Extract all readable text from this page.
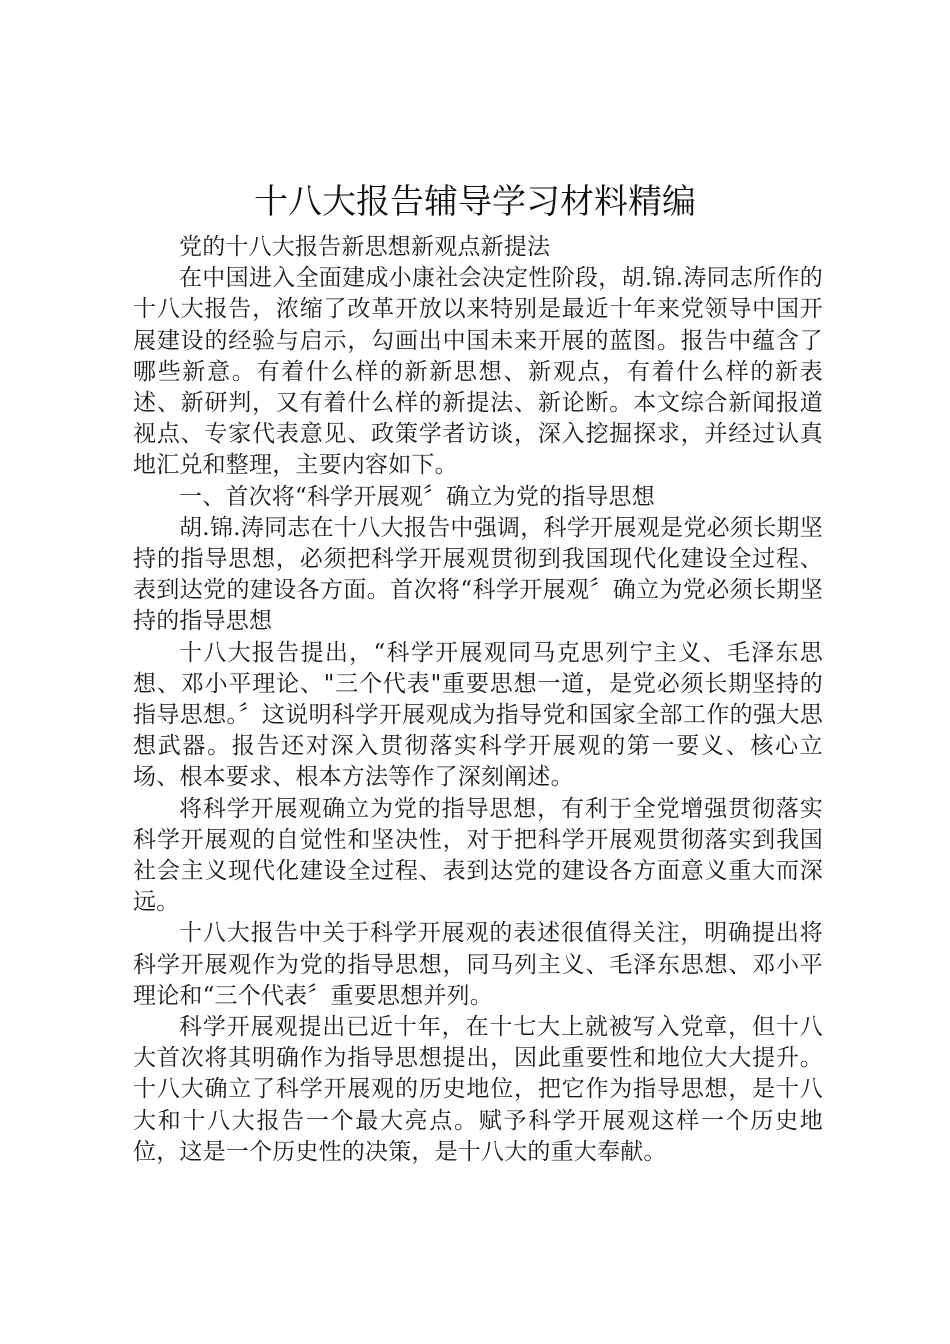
十八大报告辅导学习材料精编

党的十八大报告新思想新观点新提法

在中国进入全面建成小康社会决定性阶段，胡.锦.涛同志所作的十八大报告，浓缩了改革开放以来特别是最近十年来党领导中国开展建设的经验与启示，勾画出中国未来开展的蓝图。报告中蕴含了哪些新意。有着什么样的新新思想、新观点，有着什么样的新表述、新研判，又有着什么样的新提法、新论断。本文综合新闻报道视点、专家代表意见、政策学者访谈，深入挖掘探求，并经过认真地汇兑和整理，主要内容如下。

一、首次将“科学开展观〞确立为党的指导思想

胡.锦.涛同志在十八大报告中强调，科学开展观是党必须长期坚持的指导思想，必须把科学开展观贯彻到我国现代化建设全过程、表到达党的建设各方面。首次将“科学开展观〞确立为党必须长期坚持的指导思想

十八大报告提出，“科学开展观同马克思列宁主义、毛泽东思想、邓小平理论、"三个代表"重要思想一道，是党必须长期坚持的指导思想。〞这说明科学开展观成为指导党和国家全部工作的强大思想武器。报告还对深入贯彻落实科学开展观的第一要义、核心立场、根本要求、根本方法等作了深刻阐述。

将科学开展观确立为党的指导思想，有利于全党增强贯彻落实科学开展观的自觉性和坚决性，对于把科学开展观贯彻落实到我国社会主义现代化建设全过程、表到达党的建设各方面意义重大而深远。

十八大报告中关于科学开展观的表述很值得关注，明确提出将科学开展观作为党的指导思想，同马列主义、毛泽东思想、邓小平理论和“三个代表〞重要思想并列。

科学开展观提出已近十年，在十七大上就被写入党章，但十八大首次将其明确作为指导思想提出，因此重要性和地位大大提升。十八大确立了科学开展观的历史地位，把它作为指导思想，是十八大和十八大报告一个最大亮点。赋予科学开展观这样一个历史地位，这是一个历史性的决策，是十八大的重大奉献。
